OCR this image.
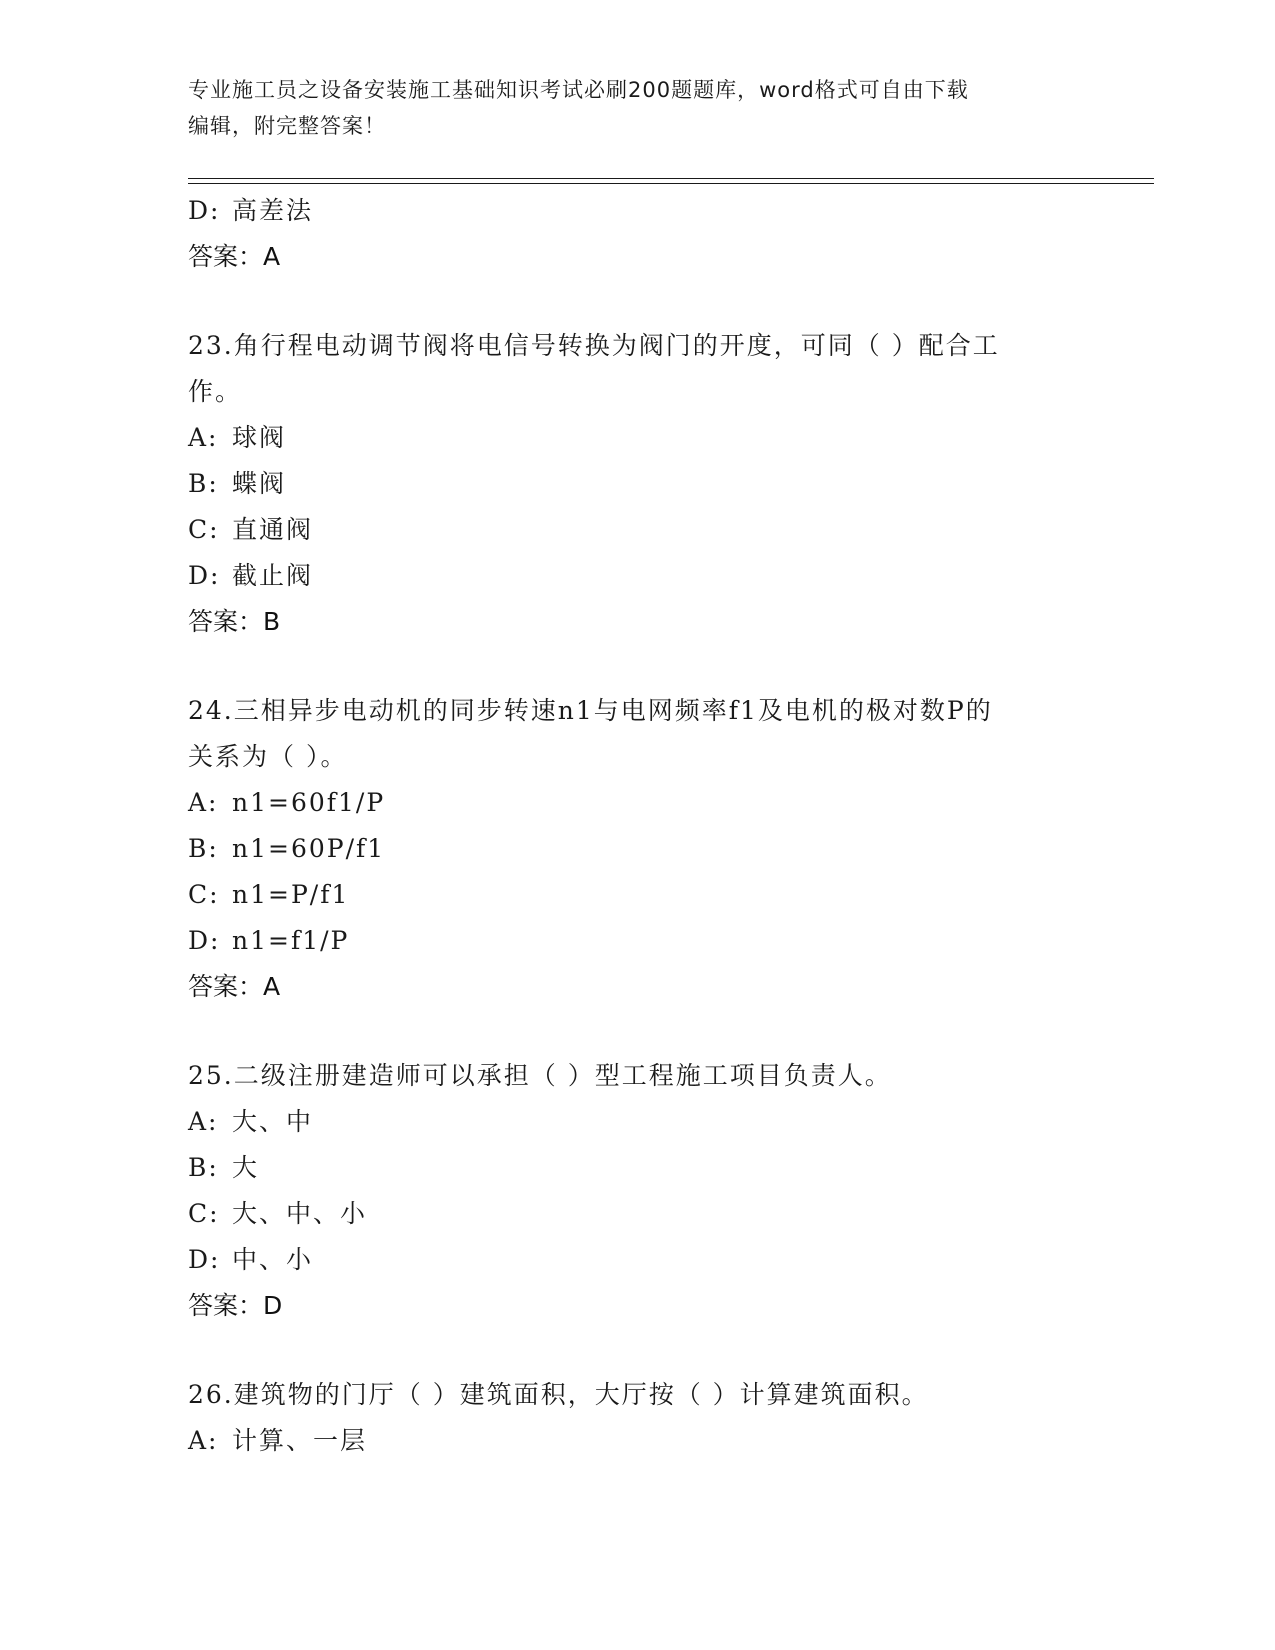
专业施工员之设备安装施工基础知识考试必刷200题题库，word格式可自由下载
编辑，附完整答案！
D: 高差法
答案：A
23.角行程电动调节阀将电信号转换为阀门的开度，可同（ ）配合工
作。
A: 球阀
B: 蝶阀
C: 直通阀
D: 截止阀
答案：B
24.三相异步电动机的同步转速n1与电网频率f1及电机的极对数P的
关系为（ ）。
A: n1=60f1/P
B: n1=60P/f1
C: n1=P/f1
D: n1=f1/P
答案：A
25.二级注册建造师可以承担（ ）型工程施工项目负责人。
A: 大、中
B: 大
C: 大、中、小
D: 中、小
答案：D
26.建筑物的门厅（ ）建筑面积，大厅按（ ）计算建筑面积。
A: 计算、一层
